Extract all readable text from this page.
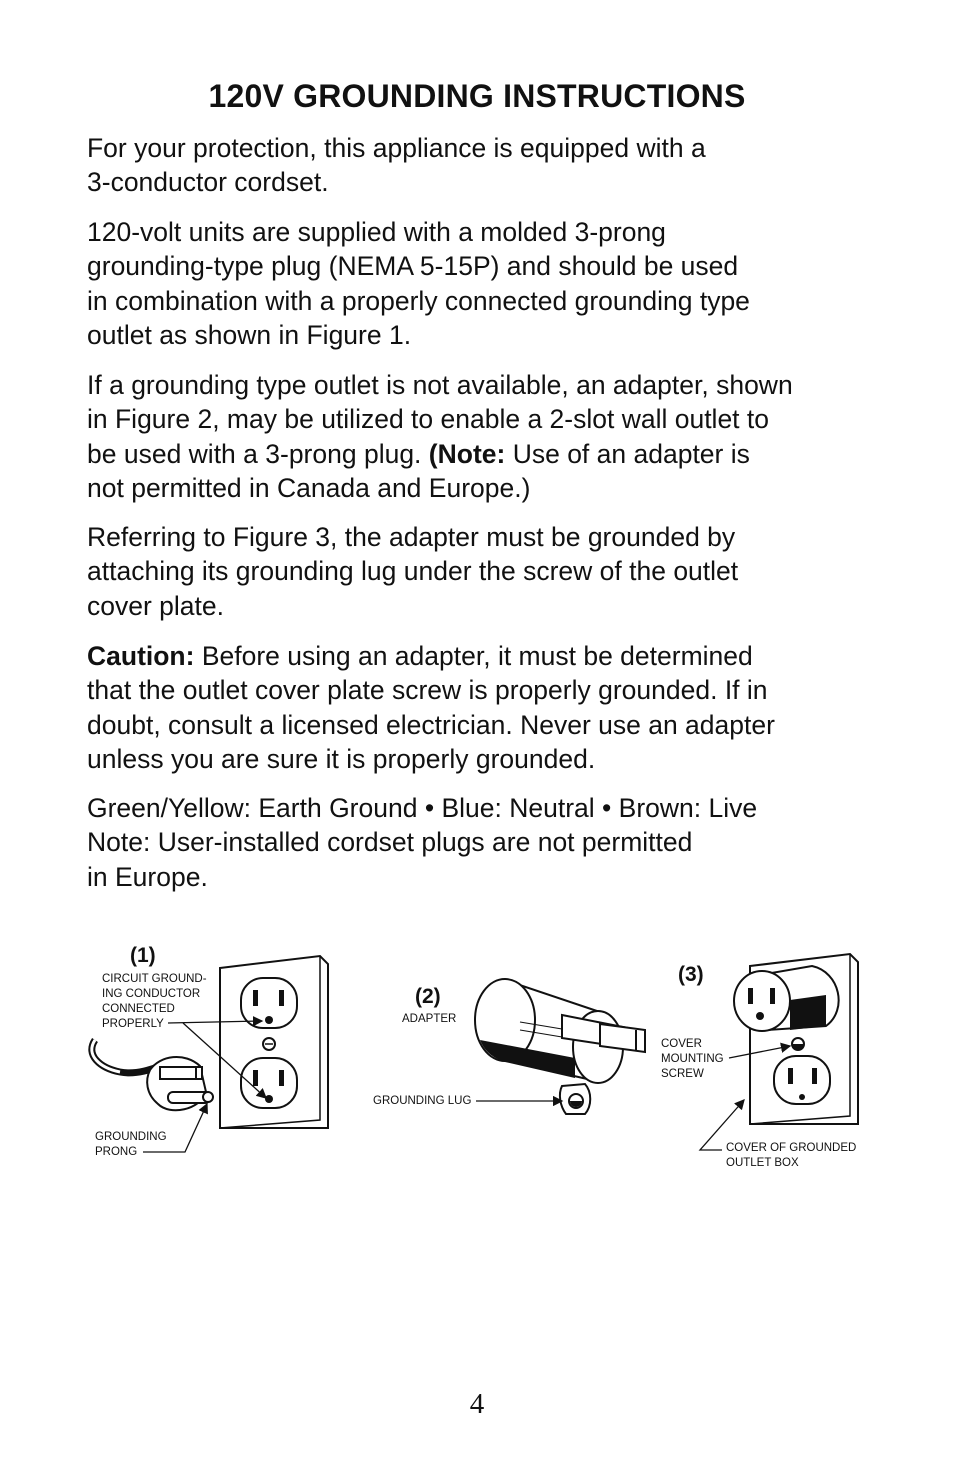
120V GROUNDING INSTRUCTIONS

For your protection, this appliance is equipped with a
3-conductor cordset.

120-volt units are supplied with a molded 3-prong
grounding-type plug (NEMA 5-15P) and should be used
in combination with a properly connected grounding type
outlet as shown in Figure 1.

If a grounding type outlet is not available, an adapter, shown
in Figure 2, may be utilized to enable a 2-slot wall outlet to
be used with a 3-prong plug. (Note: Use of an adapter is
not permitted in Canada and Europe.)

Referring to Figure 3, the adapter must be grounded by
attaching its grounding lug under the screw of the outlet
cover plate.

Caution: Before using an adapter, it must be determined
that the outlet cover plate screw is properly grounded. If in
doubt, consult a licensed electrician. Never use an adapter
unless you are sure it is properly grounded.

Green/Yellow: Earth Ground • Blue: Neutral • Brown: Live
Note: User-installed cordset plugs are not permitted
in Europe.

(1)
CIRCUIT GROUND-
ING CONDUCTOR
CONNECTED
PROPERLY
GROUNDING
PRONG
(2)
ADAPTER
GROUNDING LUG
(3)
COVER
MOUNTING
SCREW
COVER OF GROUNDED
OUTLET BOX
4
